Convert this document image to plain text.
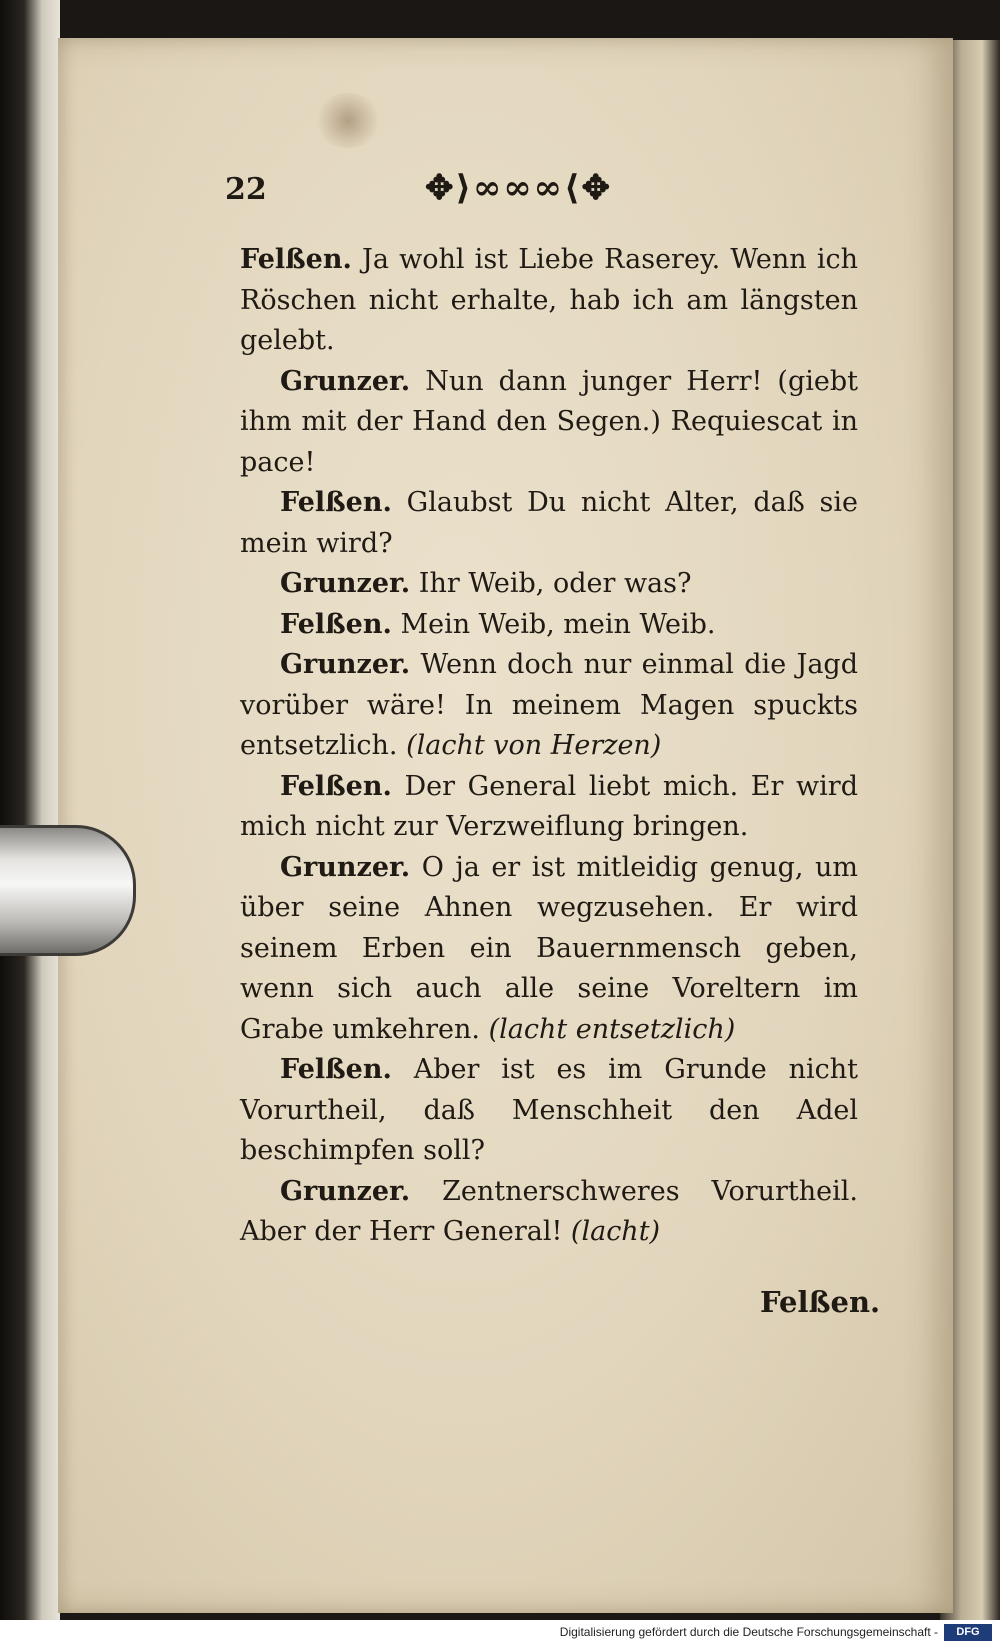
22	✥⟩∞∞∞⟨✥

Felßen. Ja wohl ist Liebe Raserey. Wenn ich Röschen nicht erhalte, hab ich am längsten gelebt.

Grunzer. Nun dann junger Herr! (giebt ihm mit der Hand den Segen.) Requiescat in pace!

Felßen. Glaubst Du nicht Alter, daß sie mein wird?

Grunzer. Ihr Weib, oder was?

Felßen. Mein Weib, mein Weib.

Grunzer. Wenn doch nur einmal die Jagd vorüber wäre! In meinem Magen spuckts entsetzlich. (lacht von Herzen)

Felßen. Der General liebt mich. Er wird mich nicht zur Verzweiflung bringen.

Grunzer. O ja er ist mitleidig genug, um über seine Ahnen wegzusehen. Er wird seinem Erben ein Bauernmensch geben, wenn sich auch alle seine Voreltern im Grabe umkehren. (lacht entsetzlich)

Felßen. Aber ist es im Grunde nicht Vorurtheil, daß Menschheit den Adel beschimpfen soll?

Grunzer. Zentnerschweres Vorurtheil. Aber der Herr General! (lacht)

Felßen.
Digitalisierung gefördert durch die Deutsche Forschungsgemeinschaft -	DFG
